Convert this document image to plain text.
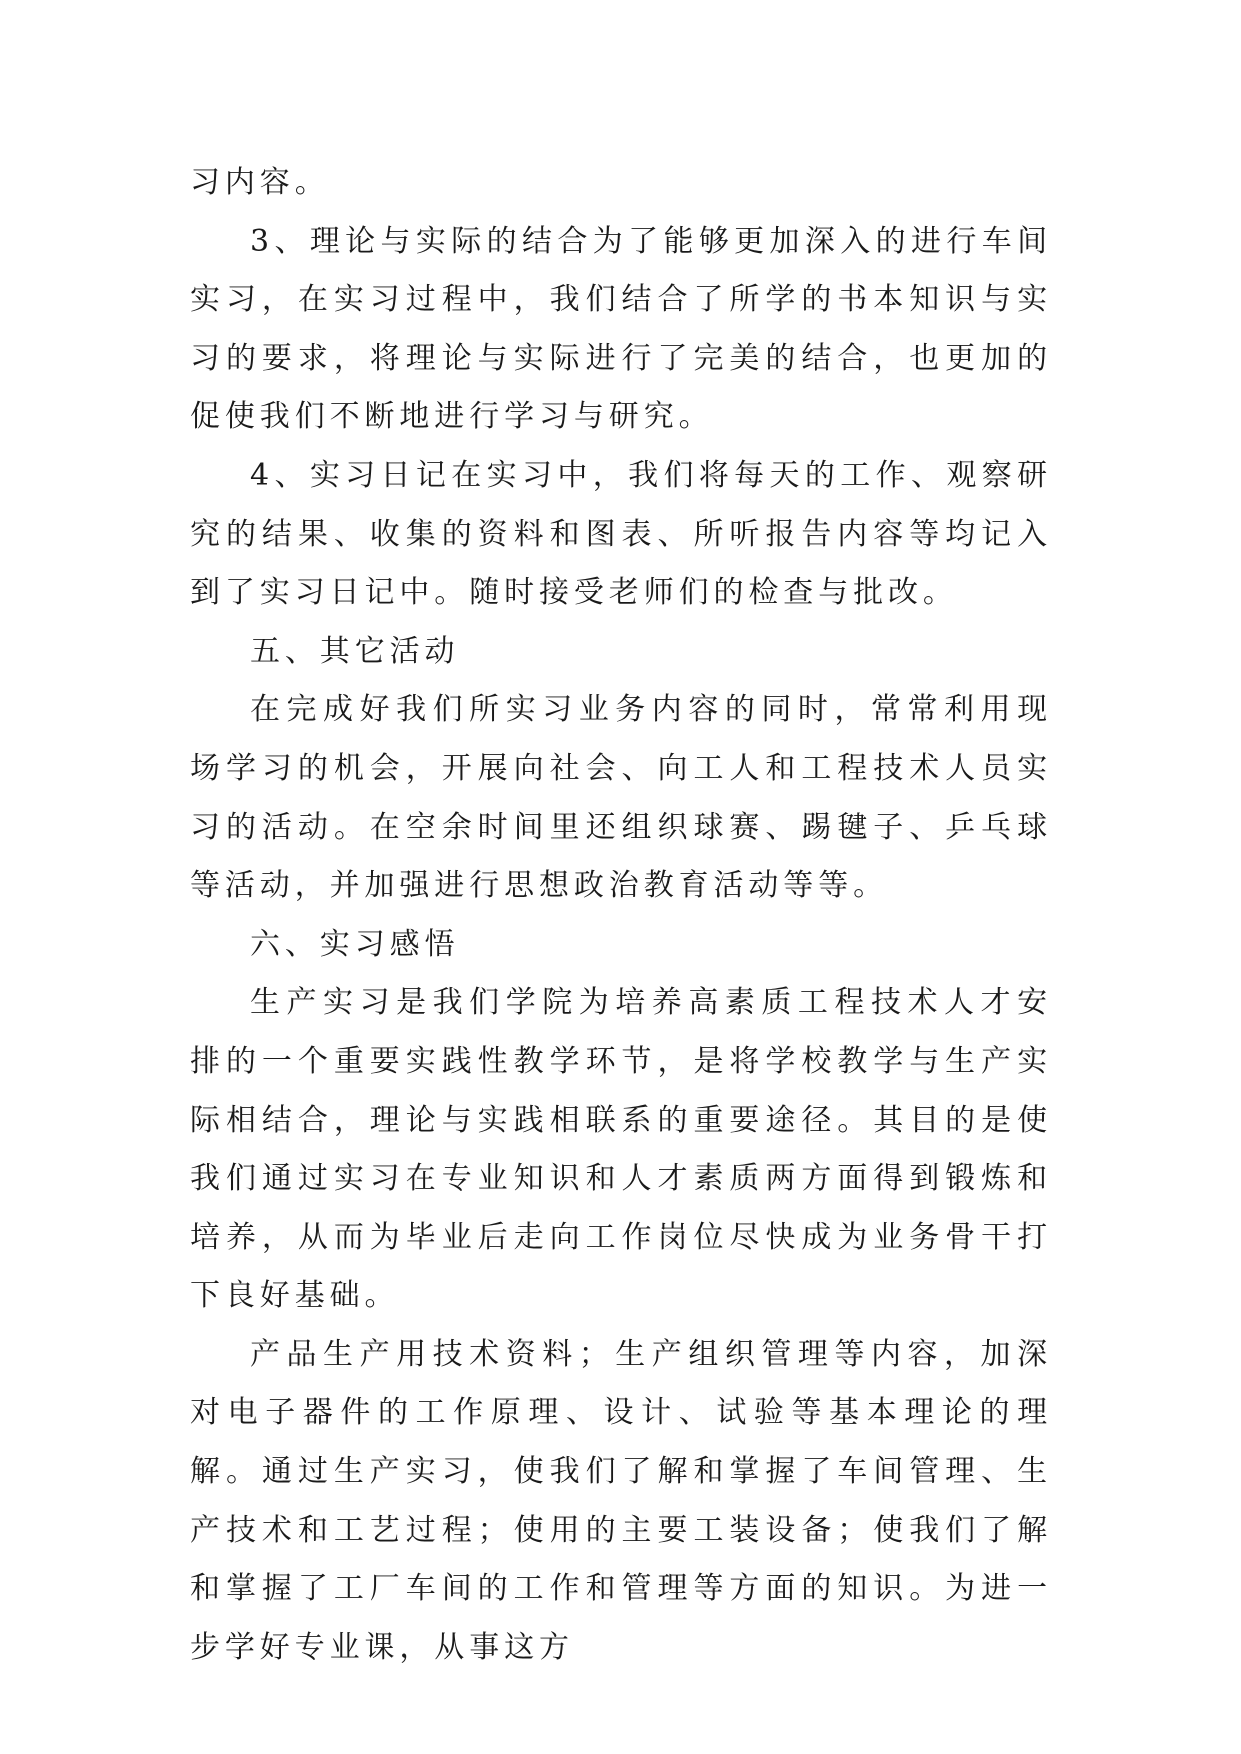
习内容。

3、理论与实际的结合为了能够更加深入的进行车间实习，在实习过程中，我们结合了所学的书本知识与实习的要求，将理论与实际进行了完美的结合，也更加的促使我们不断地进行学习与研究。

4、实习日记在实习中，我们将每天的工作、观察研究的结果、收集的资料和图表、所听报告内容等均记入到了实习日记中。随时接受老师们的检查与批改。

五、其它活动

在完成好我们所实习业务内容的同时，常常利用现场学习的机会，开展向社会、向工人和工程技术人员实习的活动。在空余时间里还组织球赛、踢毽子、乒乓球等活动，并加强进行思想政治教育活动等等。

六、实习感悟

生产实习是我们学院为培养高素质工程技术人才安排的一个重要实践性教学环节，是将学校教学与生产实际相结合，理论与实践相联系的重要途径。其目的是使我们通过实习在专业知识和人才素质两方面得到锻炼和培养，从而为毕业后走向工作岗位尽快成为业务骨干打下良好基础。

产品生产用技术资料；生产组织管理等内容，加深对电子器件的工作原理、设计、试验等基本理论的理解。通过生产实习，使我们了解和掌握了车间管理、生产技术和工艺过程；使用的主要工装设备；使我们了解和掌握了工厂车间的工作和管理等方面的知识。为进一步学好专业课，从事这方
